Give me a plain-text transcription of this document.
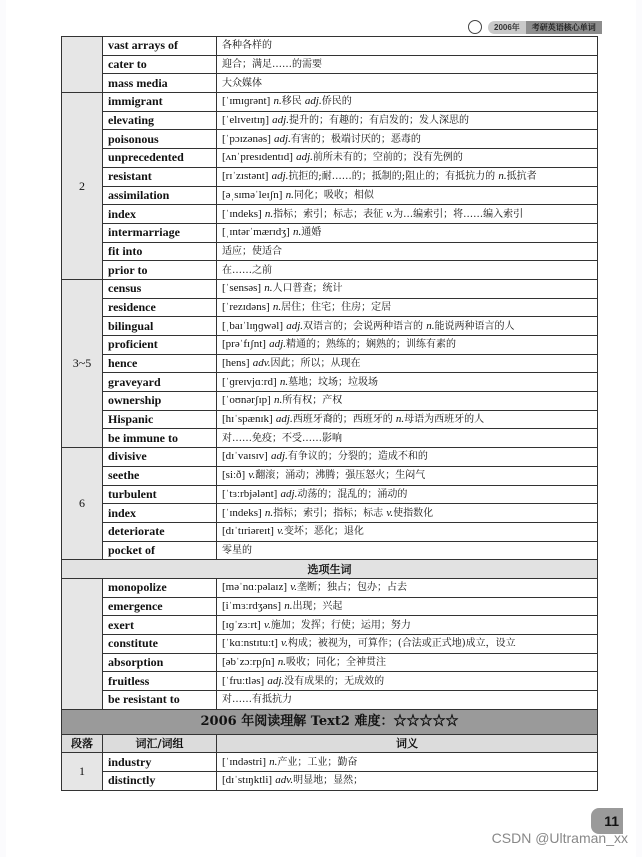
2006年	考研英语核心单词
	vast arrays of	各种各样的
	cater to	迎合；满足……的需要
	mass media	大众媒体
2	immigrant	[ˈɪmɪɡrənt] n.移民 adj.侨民的
	elevating	[ˈelɪveɪtɪŋ] adj.提升的；有趣的；有启发的；发人深思的
	poisonous	[ˈpɔɪzənəs] adj.有害的；极端讨厌的；恶毒的
	unprecedented	[ʌnˈpresɪdentɪd] adj.前所未有的；空前的；没有先例的
	resistant	[rɪˈzɪstənt] adj.抗拒的;耐……的；抵制的;阻止的；有抵抗力的 n.抵抗者
	assimilation	[əˌsɪməˈleɪʃn] n.同化；吸收；相似
	index	[ˈɪndeks] n.指标；索引；标志；表征 v.为…编索引；将……编入索引
	intermarriage	[ˌɪntərˈmærɪdʒ] n.通婚
	fit into	适应；使适合
	prior to	在……之前
3~5	census	[ˈsensəs] n.人口普查；统计
	residence	[ˈrezɪdəns] n.居住；住宅；住房；定居
	bilingual	[ˌbaɪˈlɪŋɡwəl] adj.双语言的；会说两种语言的 n.能说两种语言的人
	proficient	[prəˈfɪʃnt] adj.精通的；熟练的；娴熟的；训练有素的
	hence	[hens] adv.因此；所以；从现在
	graveyard	[ˈɡreɪvjɑːrd] n.墓地；坟场；垃圾场
	ownership	[ˈoʊnərʃɪp] n.所有权；产权
	Hispanic	[hɪˈspænɪk] adj.西班牙裔的；西班牙的 n.母语为西班牙的人
	be immune to	对……免疫；不受……影响
6	divisive	[dɪˈvaɪsɪv] adj.有争议的；分裂的；造成不和的
	seethe	[siːð] v.翻滚；涌动；沸腾；强压怒火；生闷气
	turbulent	[ˈtɜːrbjələnt] adj.动荡的；混乱的；涌动的
	index	[ˈɪndeks] n.指标；索引；指标；标志 v.使指数化
	deteriorate	[dɪˈtɪriəreɪt] v.变坏；恶化；退化
	pocket of	零星的
选项生词		
	monopolize	[məˈnɑːpəlaɪz] v.垄断；独占；包办；占去
	emergence	[iˈmɜːrdʒəns] n.出现；兴起
	exert	[ɪɡˈzɜːrt] v.施加；发挥；行使；运用；努力
	constitute	[ˈkɑːnstɪtuːt] v.构成；被视为，可算作；(合法或正式地)成立，设立
	absorption	[əbˈzɔːrpʃn] n.吸收；同化；全神贯注
	fruitless	[ˈfruːtləs] adj.没有成果的；无成效的
	be resistant to	对……有抵抗力
2006 年阅读理解 Text2 难度：☆☆☆☆☆		
段落	词汇/词组	词义
1	industry	[ˈɪndəstri] n.产业；工业；勤奋
	distinctly	[dɪˈstɪŋktli] adv.明显地；显然；
11
CSDN @Ultraman_xx
